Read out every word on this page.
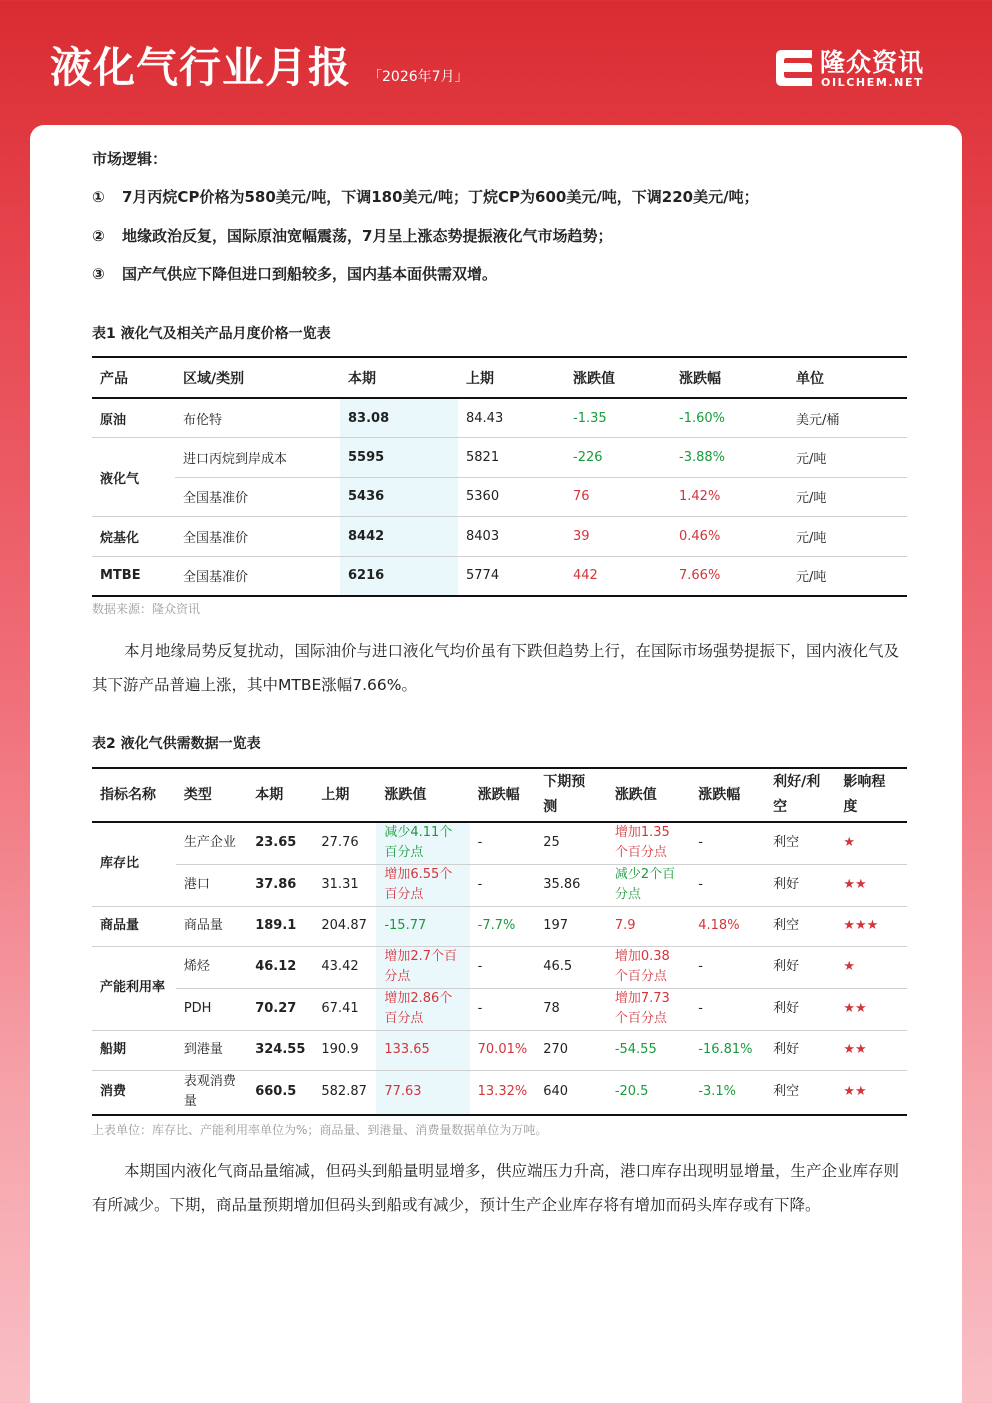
液化气行业月报 「2026年7月」	隆众资讯
OILCHEM.NET
市场逻辑：
① 7月丙烷CP价格为580美元/吨，下调180美元/吨；丁烷CP为600美元/吨，下调220美元/吨；
② 地缘政治反复，国际原油宽幅震荡，7月呈上涨态势提振液化气市场趋势；
③ 国产气供应下降但进口到船较多，国内基本面供需双增。
表1 液化气及相关产品月度价格一览表
产品	区域/类别	本期	上期	涨跌值	涨跌幅	单位
原油	布伦特	83.08	84.43	-1.35	-1.60%	美元/桶
液化气	进口丙烷到岸成本	5595	5821	-226	-3.88%	元/吨
	全国基准价	5436	5360	76	1.42%	元/吨
烷基化	全国基准价	8442	8403	39	0.46%	元/吨
MTBE	全国基准价	6216	5774	442	7.66%	元/吨
数据来源：隆众资讯
本月地缘局势反复扰动，国际油价与进口液化气均价虽有下跌但趋势上行，在国际市场强势提振下，国内液化气及其下游产品普遍上涨，其中MTBE涨幅7.66%。
表2 液化气供需数据一览表
指标名称	类型	本期	上期	涨跌值	涨跌幅	下期预测	涨跌值	涨跌幅	利好/利空	影响程度
库存比	生产企业	23.65	27.76	减少4.11个百分点	-	25	增加1.35个百分点	-	利空	★
	港口	37.86	31.31	增加6.55个百分点	-	35.86	减少2个百分点	-	利好	★★
商品量	商品量	189.1	204.87	-15.77	-7.7%	197	7.9	4.18%	利空	★★★
产能利用率	烯烃	46.12	43.42	增加2.7个百分点	-	46.5	增加0.38个百分点	-	利好	★
	PDH	70.27	67.41	增加2.86个百分点	-	78	增加7.73个百分点	-	利好	★★
船期	到港量	324.55	190.9	133.65	70.01%	270	-54.55	-16.81%	利好	★★
消费	表观消费量	660.5	582.87	77.63	13.32%	640	-20.5	-3.1%	利空	★★
上表单位：库存比、产能利用率单位为%；商品量、到港量、消费量数据单位为万吨。
本期国内液化气商品量缩减，但码头到船量明显增多，供应端压力升高，港口库存出现明显增量，生产企业库存则有所减少。下期，商品量预期增加但码头到船或有减少，预计生产企业库存将有增加而码头库存或有下降。
